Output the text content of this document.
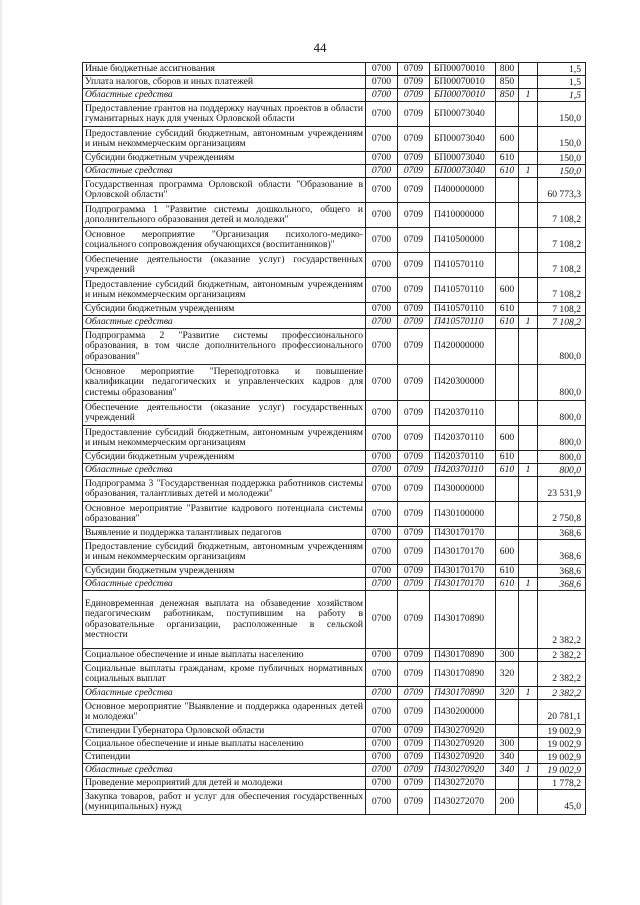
44
Иные бюджетные ассигнования	0700	0709	БП00070010	800		1,5
Уплата налогов, сборов и иных платежей	0700	0709	БП00070010	850		1,5
Областные средства	0700	0709	БП00070010	850	1	1,5
Предоставление грантов на поддержку научных проектов в области гуманитарных наук для ученых Орловской области	0700	0709	БП00073040			150,0
Предоставление субсидий бюджетным, автономным учреждениям и иным некоммерческим организациям	0700	0709	БП00073040	600		150,0
Субсидии бюджетным учреждениям	0700	0709	БП00073040	610		150,0
Областные средства	0700	0709	БП00073040	610	1	150,0
Государственная программа Орловской области "Образование в Орловской области"	0700	0709	П400000000			60 773,3
Подпрограмма 1 "Развитие системы дошкольного, общего и дополнительного образования детей и молодежи"	0700	0709	П410000000			7 108,2
Основное мероприятие "Организация психолого-медико-социального сопровождения обучающихся (воспитанников)"	0700	0709	П410500000			7 108,2
Обеспечение деятельности (оказание услуг) государственных учреждений	0700	0709	П410570110			7 108,2
Предоставление субсидий бюджетным, автономным учреждениям и иным некоммерческим организациям	0700	0709	П410570110	600		7 108,2
Субсидии бюджетным учреждениям	0700	0709	П410570110	610		7 108,2
Областные средства	0700	0709	П410570110	610	1	7 108,2
Подпрограмма 2 "Развитие системы профессионального образования, в том числе дополнительного профессионального образования"	0700	0709	П420000000			800,0
Основное мероприятие "Переподготовка и повышение квалификации педагогических и управленческих кадров для системы образования"	0700	0709	П420300000			800,0
Обеспечение деятельности (оказание услуг) государственных учреждений	0700	0709	П420370110			800,0
Предоставление субсидий бюджетным, автономным учреждениям и иным некоммерческим организациям	0700	0709	П420370110	600		800,0
Субсидии бюджетным учреждениям	0700	0709	П420370110	610		800,0
Областные средства	0700	0709	П420370110	610	1	800,0
Подпрограмма 3 "Государственная поддержка работников системы образования, талантливых детей и молодежи"	0700	0709	П430000000			23 531,9
Основное мероприятие "Развитие кадрового потенциала системы образования"	0700	0709	П430100000			2 750,8
Выявление и поддержка талантливых педагогов	0700	0709	П430170170			368,6
Предоставление субсидий бюджетным, автономным учреждениям и иным некоммерческим организациям	0700	0709	П430170170	600		368,6
Субсидии бюджетным учреждениям	0700	0709	П430170170	610		368,6
Областные средства	0700	0709	П430170170	610	1	368,6
Единовременная денежная выплата на обзаведение хозяйством педагогическим работникам, поступившим на работу в образовательные организации, расположенные в сельской местности	0700	0709	П430170890			2 382,2
Социальное обеспечение и иные выплаты населению	0700	0709	П430170890	300		2 382,2
Социальные выплаты гражданам, кроме публичных нормативных социальных выплат	0700	0709	П430170890	320		2 382,2
Областные средства	0700	0709	П430170890	320	1	2 382,2
Основное мероприятие "Выявление и поддержка одаренных детей и молодежи"	0700	0709	П430200000			20 781,1
Стипендии Губернатора Орловской области	0700	0709	П430270920			19 002,9
Социальное обеспечение и иные выплаты населению	0700	0709	П430270920	300		19 002,9
Стипендии	0700	0709	П430270920	340		19 002,9
Областные средства	0700	0709	П430270920	340	1	19 002,9
Проведение мероприятий для детей и молодежи	0700	0709	П430272070			1 778,2
Закупка товаров, работ и услуг для обеспечения государственных (муниципальных) нужд	0700	0709	П430272070	200		45,0
